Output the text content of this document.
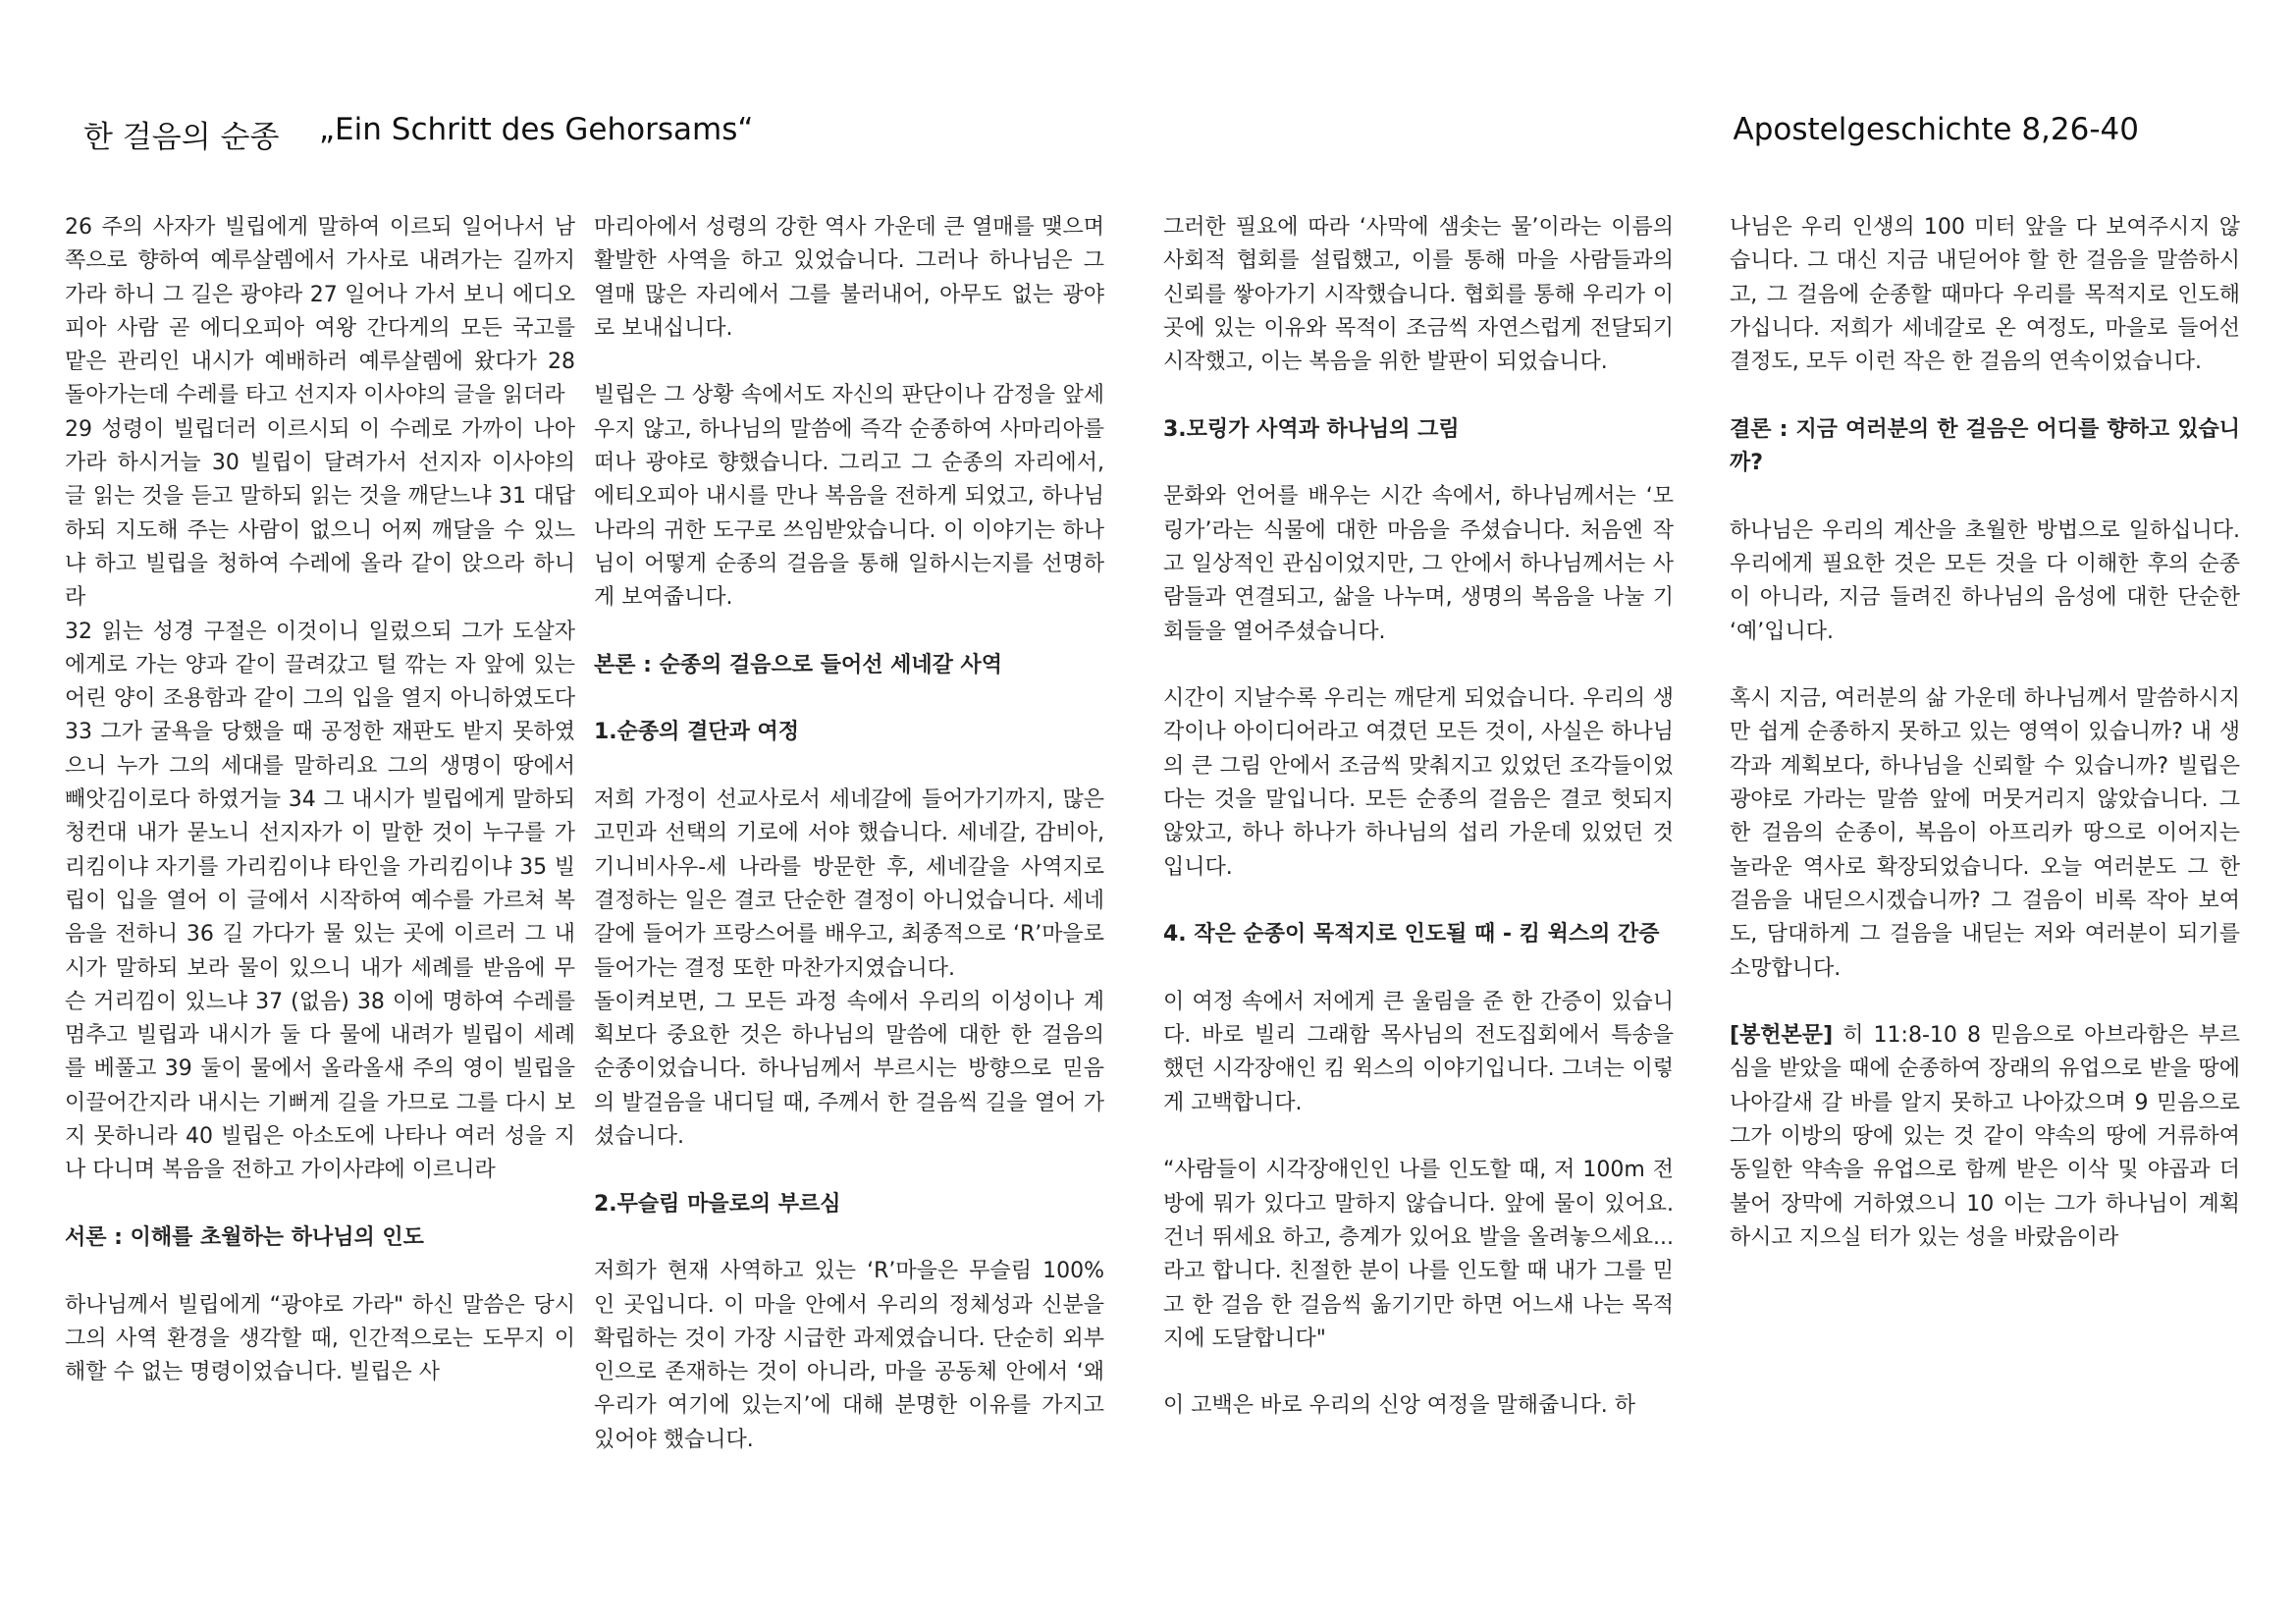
한 걸음의 순종 „Ein Schritt des Gehorsams“	Apostelgeschichte 8,26-40

26 주의 사자가 빌립에게 말하여 이르되 일어나서 남쪽으로 향하여 예루살렘에서 가사로 내려가는 길까지 가라 하니 그 길은 광야라 27 일어나 가서 보니 에디오피아 사람 곧 에디오피아 여왕 간다게의 모든 국고를 맡은 관리인 내시가 예배하러 예루살렘에 왔다가 28 돌아가는데 수레를 타고 선지자 이사야의 글을 읽더라

29 성령이 빌립더러 이르시되 이 수레로 가까이 나아가라 하시거늘 30 빌립이 달려가서 선지자 이사야의 글 읽는 것을 듣고 말하되 읽는 것을 깨닫느냐 31 대답하되 지도해 주는 사람이 없으니 어찌 깨달을 수 있느냐 하고 빌립을 청하여 수레에 올라 같이 앉으라 하니라

32 읽는 성경 구절은 이것이니 일렀으되 그가 도살자에게로 가는 양과 같이 끌려갔고 털 깎는 자 앞에 있는 어린 양이 조용함과 같이 그의 입을 열지 아니하였도다 33 그가 굴욕을 당했을 때 공정한 재판도 받지 못하였으니 누가 그의 세대를 말하리요 그의 생명이 땅에서 빼앗김이로다 하였거늘 34 그 내시가 빌립에게 말하되 청컨대 내가 묻노니 선지자가 이 말한 것이 누구를 가리킴이냐 자기를 가리킴이냐 타인을 가리킴이냐 35 빌립이 입을 열어 이 글에서 시작하여 예수를 가르쳐 복음을 전하니 36 길 가다가 물 있는 곳에 이르러 그 내시가 말하되 보라 물이 있으니 내가 세례를 받음에 무슨 거리낌이 있느냐 37 (없음) 38 이에 명하여 수레를 멈추고 빌립과 내시가 둘 다 물에 내려가 빌립이 세례를 베풀고 39 둘이 물에서 올라올새 주의 영이 빌립을 이끌어간지라 내시는 기뻐게 길을 가므로 그를 다시 보지 못하니라 40 빌립은 아소도에 나타나 여러 성을 지나 다니며 복음을 전하고 가이사랴에 이르니라

서론 : 이해를 초월하는 하나님의 인도

하나님께서 빌립에게 “광야로 가라" 하신 말씀은 당시 그의 사역 환경을 생각할 때, 인간적으로는 도무지 이해할 수 없는 명령이었습니다. 빌립은 사

마리아에서 성령의 강한 역사 가운데 큰 열매를 맺으며 활발한 사역을 하고 있었습니다. 그러나 하나님은 그 열매 많은 자리에서 그를 불러내어, 아무도 없는 광야로 보내십니다.

빌립은 그 상황 속에서도 자신의 판단이나 감정을 앞세우지 않고, 하나님의 말씀에 즉각 순종하여 사마리아를 떠나 광야로 향했습니다. 그리고 그 순종의 자리에서, 에티오피아 내시를 만나 복음을 전하게 되었고, 하나님 나라의 귀한 도구로 쓰임받았습니다. 이 이야기는 하나님이 어떻게 순종의 걸음을 통해 일하시는지를 선명하게 보여줍니다.

본론 : 순종의 걸음으로 들어선 세네갈 사역

1.순종의 결단과 여정

저희 가정이 선교사로서 세네갈에 들어가기까지, 많은 고민과 선택의 기로에 서야 했습니다. 세네갈, 감비아, 기니비사우-세 나라를 방문한 후, 세네갈을 사역지로 결정하는 일은 결코 단순한 결정이 아니었습니다. 세네갈에 들어가 프랑스어를 배우고, 최종적으로 ‘R’마을로 들어가는 결정 또한 마찬가지였습니다.

돌이켜보면, 그 모든 과정 속에서 우리의 이성이나 계획보다 중요한 것은 하나님의 말씀에 대한 한 걸음의 순종이었습니다. 하나님께서 부르시는 방향으로 믿음의 발걸음을 내디딜 때, 주께서 한 걸음씩 길을 열어 가셨습니다.

2.무슬림 마을로의 부르심

저희가 현재 사역하고 있는 ‘R’마을은 무슬림 100% 인 곳입니다. 이 마을 안에서 우리의 정체성과 신분을 확립하는 것이 가장 시급한 과제였습니다. 단순히 외부인으로 존재하는 것이 아니라, 마을 공동체 안에서 ‘왜 우리가 여기에 있는지’에 대해 분명한 이유를 가지고 있어야 했습니다.

그러한 필요에 따라 ‘사막에 샘솟는 물’이라는 이름의 사회적 협회를 설립했고, 이를 통해 마을 사람들과의 신뢰를 쌓아가기 시작했습니다. 협회를 통해 우리가 이곳에 있는 이유와 목적이 조금씩 자연스럽게 전달되기 시작했고, 이는 복음을 위한 발판이 되었습니다.

3.모링가 사역과 하나님의 그림

문화와 언어를 배우는 시간 속에서, 하나님께서는 ‘모링가’라는 식물에 대한 마음을 주셨습니다. 처음엔 작고 일상적인 관심이었지만, 그 안에서 하나님께서는 사람들과 연결되고, 삶을 나누며, 생명의 복음을 나눌 기회들을 열어주셨습니다.

시간이 지날수록 우리는 깨닫게 되었습니다. 우리의 생각이나 아이디어라고 여겼던 모든 것이, 사실은 하나님의 큰 그림 안에서 조금씩 맞춰지고 있었던 조각들이었다는 것을 말입니다. 모든 순종의 걸음은 결코 헛되지 않았고, 하나 하나가 하나님의 섭리 가운데 있었던 것입니다.

4. 작은 순종이 목적지로 인도될 때 - 킴 윅스의 간증

이 여정 속에서 저에게 큰 울림을 준 한 간증이 있습니다. 바로 빌리 그래함 목사님의 전도집회에서 특송을 했던 시각장애인 킴 윅스의 이야기입니다. 그녀는 이렇게 고백합니다.

“사람들이 시각장애인인 나를 인도할 때, 저 100m 전방에 뭐가 있다고 말하지 않습니다. 앞에 물이 있어요. 건너 뛰세요 하고, 층계가 있어요 발을 올려놓으세요... 라고 합니다. 친절한 분이 나를 인도할 때 내가 그를 믿고 한 걸음 한 걸음씩 옮기기만 하면 어느새 나는 목적지에 도달합니다"

이 고백은 바로 우리의 신앙 여정을 말해줍니다. 하

나님은 우리 인생의 100 미터 앞을 다 보여주시지 않습니다. 그 대신 지금 내딛어야 할 한 걸음을 말씀하시고, 그 걸음에 순종할 때마다 우리를 목적지로 인도해 가십니다. 저희가 세네갈로 온 여정도, 마을로 들어선 결정도, 모두 이런 작은 한 걸음의 연속이었습니다.

결론 : 지금 여러분의 한 걸음은 어디를 향하고 있습니까?

하나님은 우리의 계산을 초월한 방법으로 일하십니다. 우리에게 필요한 것은 모든 것을 다 이해한 후의 순종이 아니라, 지금 들려진 하나님의 음성에 대한 단순한 ‘예’입니다.

혹시 지금, 여러분의 삶 가운데 하나님께서 말씀하시지만 쉽게 순종하지 못하고 있는 영역이 있습니까? 내 생각과 계획보다, 하나님을 신뢰할 수 있습니까? 빌립은 광야로 가라는 말씀 앞에 머뭇거리지 않았습니다. 그 한 걸음의 순종이, 복음이 아프리카 땅으로 이어지는 놀라운 역사로 확장되었습니다. 오늘 여러분도 그 한 걸음을 내딛으시겠습니까? 그 걸음이 비록 작아 보여도, 담대하게 그 걸음을 내딛는 저와 여러분이 되기를 소망합니다.

[봉헌본문] 히 11:8-10 8 믿음으로 아브라함은 부르심을 받았을 때에 순종하여 장래의 유업으로 받을 땅에 나아갈새 갈 바를 알지 못하고 나아갔으며 9 믿음으로 그가 이방의 땅에 있는 것 같이 약속의 땅에 거류하여 동일한 약속을 유업으로 함께 받은 이삭 및 야곱과 더불어 장막에 거하였으니 10 이는 그가 하나님이 계획하시고 지으실 터가 있는 성을 바랐음이라
